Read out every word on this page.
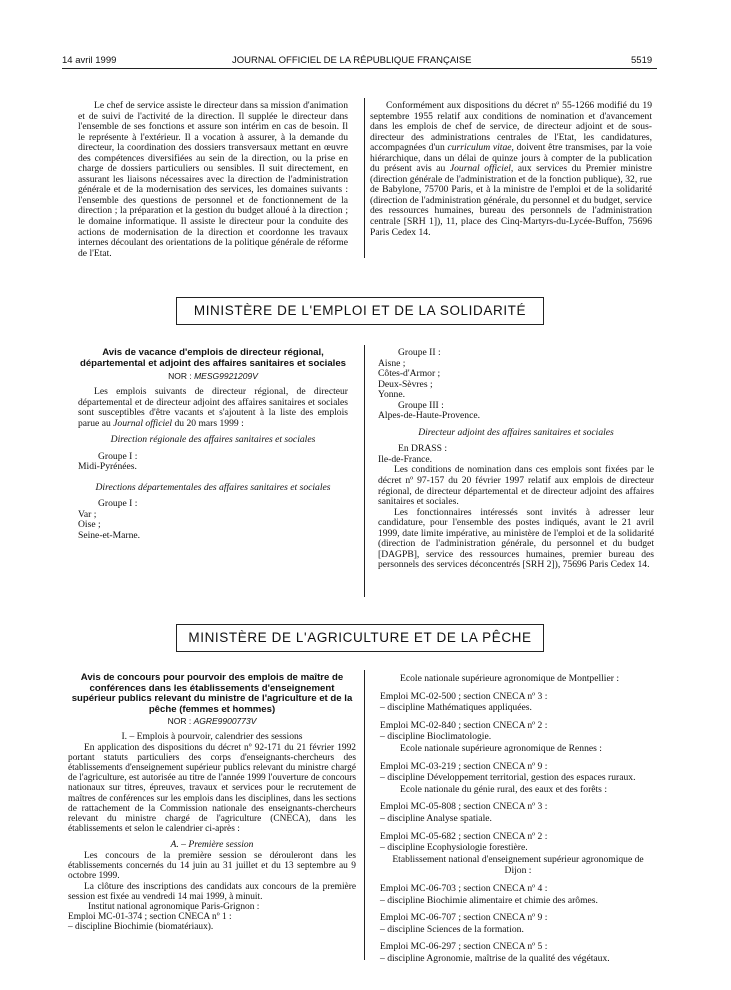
14 avril 1999	JOURNAL OFFICIEL DE LA RÉPUBLIQUE FRANÇAISE	5519
Le chef de service assiste le directeur dans sa mission d'animation et de suivi de l'activité de la direction. Il supplée le directeur dans l'ensemble de ses fonctions et assure son intérim en cas de besoin. Il le représente à l'extérieur. Il a vocation à assurer, à la demande du directeur, la coordination des dossiers transversaux mettant en œuvre des compétences diversifiées au sein de la direction, ou la prise en charge de dossiers particuliers ou sensibles. Il suit directement, en assurant les liaisons nécessaires avec la direction de l'administration générale et de la modernisation des services, les domaines suivants : l'ensemble des questions de personnel et de fonctionnement de la direction ; la préparation et la gestion du budget alloué à la direction ; le domaine informatique. Il assiste le directeur pour la conduite des actions de modernisation de la direction et coordonne les travaux internes découlant des orientations de la politique générale de réforme de l'Etat.
Conformément aux dispositions du décret nº 55-1266 modifié du 19 septembre 1955 relatif aux conditions de nomination et d'avancement dans les emplois de chef de service, de directeur adjoint et de sous-directeur des administrations centrales de l'Etat, les candidatures, accompagnées d'un curriculum vitae, doivent être transmises, par la voie hiérarchique, dans un délai de quinze jours à compter de la publication du présent avis au Journal officiel, aux services du Premier ministre (direction générale de l'administration et de la fonction publique), 32, rue de Babylone, 75700 Paris, et à la ministre de l'emploi et de la solidarité (direction de l'administration générale, du personnel et du budget, service des ressources humaines, bureau des personnels de l'administration centrale [SRH 1]), 11, place des Cinq-Martyrs-du-Lycée-Buffon, 75696 Paris Cedex 14.
MINISTÈRE DE L'EMPLOI ET DE LA SOLIDARITÉ
Avis de vacance d'emplois de directeur régional, départemental et adjoint des affaires sanitaires et sociales
NOR : MESG9921209V
Les emplois suivants de directeur régional, de directeur départemental et de directeur adjoint des affaires sanitaires et sociales sont susceptibles d'être vacants et s'ajoutent à la liste des emplois parue au Journal officiel du 20 mars 1999 :
Direction régionale des affaires sanitaires et sociales
Groupe I :
Midi-Pyrénées.
Directions départementales des affaires sanitaires et sociales
Groupe I :
Var ;
Oise ;
Seine-et-Marne.
Groupe II :
Aisne ;
Côtes-d'Armor ;
Deux-Sèvres ;
Yonne.
Groupe III :
Alpes-de-Haute-Provence.
Directeur adjoint des affaires sanitaires et sociales
En DRASS :
Ile-de-France.
Les conditions de nomination dans ces emplois sont fixées par le décret nº 97-157 du 20 février 1997 relatif aux emplois de directeur régional, de directeur départemental et de directeur adjoint des affaires sanitaires et sociales.
Les fonctionnaires intéressés sont invités à adresser leur candidature, pour l'ensemble des postes indiqués, avant le 21 avril 1999, date limite impérative, au ministère de l'emploi et de la solidarité (direction de l'administration générale, du personnel et du budget [DAGPB], service des ressources humaines, premier bureau des personnels des services déconcentrés [SRH 2]), 75696 Paris Cedex 14.
MINISTÈRE DE L'AGRICULTURE ET DE LA PÊCHE
Avis de concours pour pourvoir des emplois de maître de conférences dans les établissements d'enseignement supérieur publics relevant du ministre de l'agriculture et de la pêche (femmes et hommes)
NOR : AGRE9900773V
I. – Emplois à pourvoir, calendrier des sessions
En application des dispositions du décret nº 92-171 du 21 février 1992 portant statuts particuliers des corps d'enseignants-chercheurs des établissements d'enseignement supérieur publics relevant du ministre chargé de l'agriculture, est autorisée au titre de l'année 1999 l'ouverture de concours nationaux sur titres, épreuves, travaux et services pour le recrutement de maîtres de conférences sur les emplois dans les disciplines, dans les sections de rattachement de la Commission nationale des enseignants-chercheurs relevant du ministre chargé de l'agriculture (CNECA), dans les établissements et selon le calendrier ci-après :
A. – Première session
Les concours de la première session se dérouleront dans les établissements concernés du 14 juin au 31 juillet et du 13 septembre au 9 octobre 1999.
La clôture des inscriptions des candidats aux concours de la première session est fixée au vendredi 14 mai 1999, à minuit.
Institut national agronomique Paris-Grignon :
Emploi MC-01-374 ; section CNECA nº 1 :
– discipline Biochimie (biomatériaux).
Ecole nationale supérieure agronomique de Montpellier :
Emploi MC-02-500 ; section CNECA nº 3 :
– discipline Mathématiques appliquées.
Emploi MC-02-840 ; section CNECA nº 2 :
– discipline Bioclimatologie.
Ecole nationale supérieure agronomique de Rennes :
Emploi MC-03-219 ; section CNECA nº 9 :
– discipline Développement territorial, gestion des espaces ruraux.
Ecole nationale du génie rural, des eaux et des forêts :
Emploi MC-05-808 ; section CNECA nº 3 :
– discipline Analyse spatiale.
Emploi MC-05-682 ; section CNECA nº 2 :
– discipline Ecophysiologie forestière.
Etablissement national d'enseignement supérieur agronomique de Dijon :
Emploi MC-06-703 ; section CNECA nº 4 :
– discipline Biochimie alimentaire et chimie des arômes.
Emploi MC-06-707 ; section CNECA nº 9 :
– discipline Sciences de la formation.
Emploi MC-06-297 ; section CNECA nº 5 :
– discipline Agronomie, maîtrise de la qualité des végétaux.
